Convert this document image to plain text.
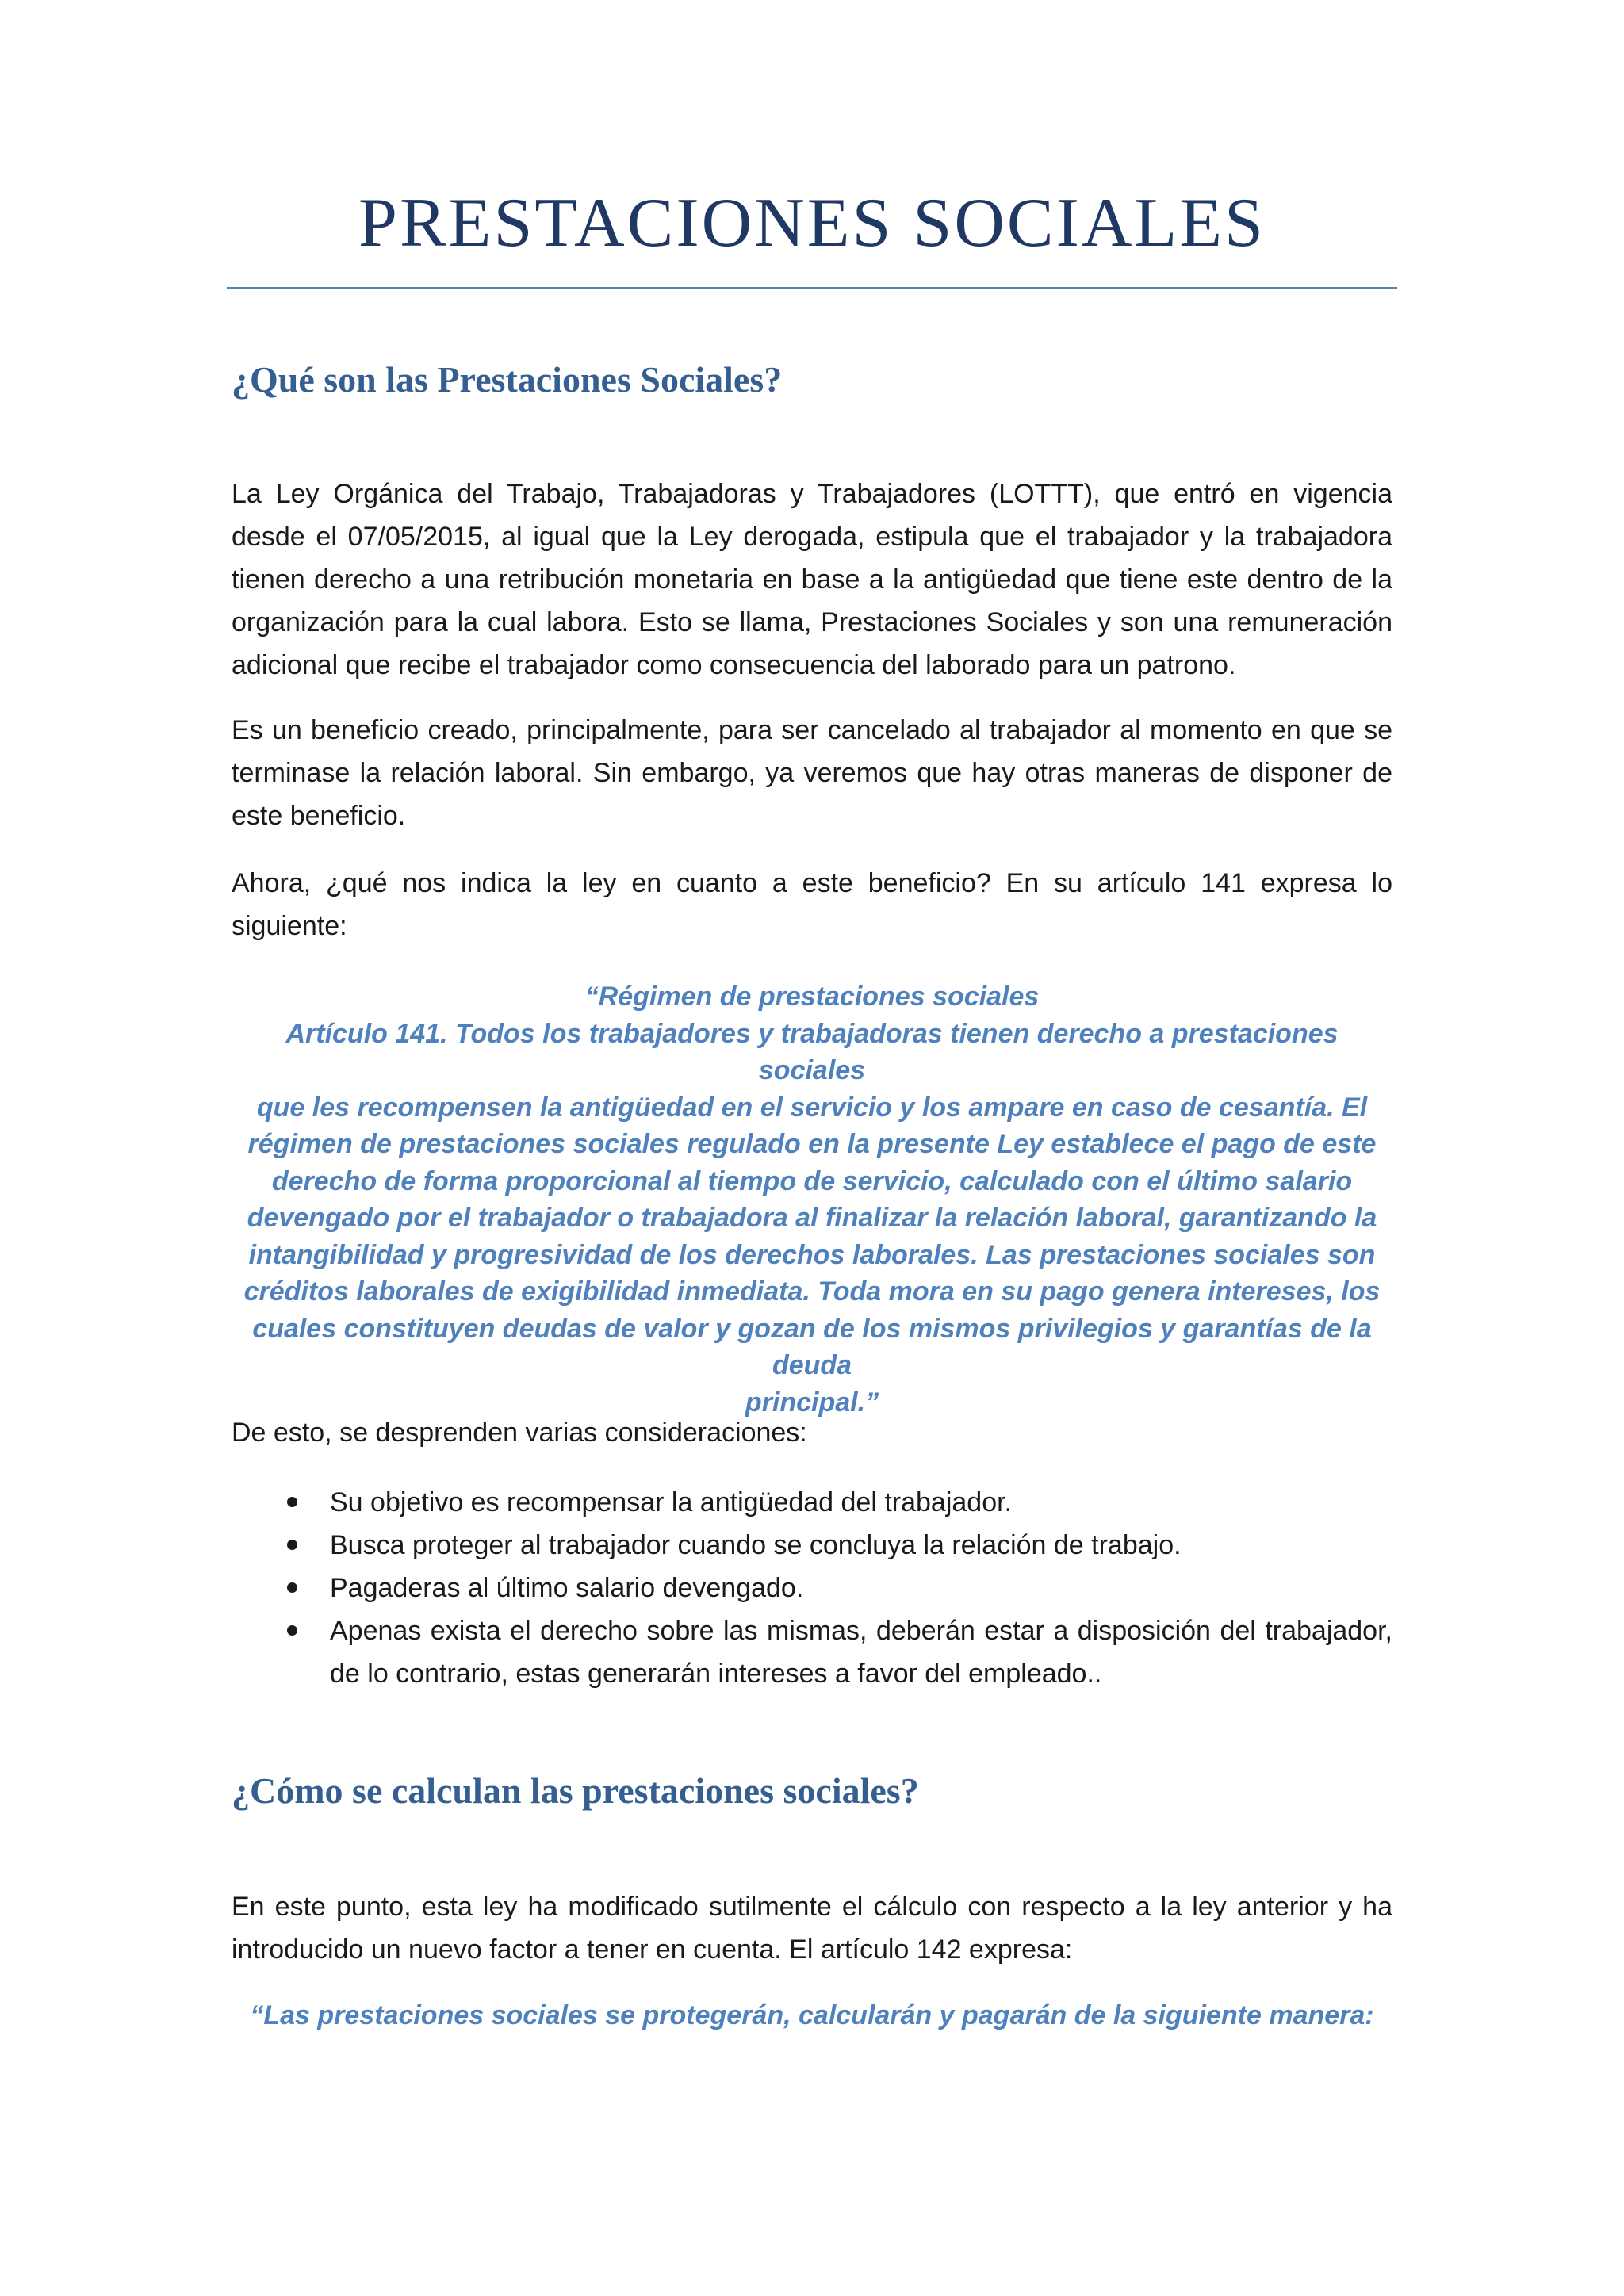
PRESTACIONES SOCIALES
¿Qué son las Prestaciones Sociales?

La Ley Orgánica del Trabajo, Trabajadoras y Trabajadores (LOTTT), que entró en vigencia desde el 07/05/2015, al igual que la Ley derogada, estipula que el trabajador y la trabajadora tienen derecho a una retribución monetaria en base a la antigüedad que tiene este dentro de la organización para la cual labora. Esto se llama, Prestaciones Sociales y son una remuneración adicional que recibe el trabajador como consecuencia del laborado para un patrono.

Es un beneficio creado, principalmente, para ser cancelado al trabajador al momento en que se terminase la relación laboral. Sin embargo, ya veremos que hay otras maneras de disponer de este beneficio.

Ahora, ¿qué nos indica la ley en cuanto a este beneficio? En su artículo 141 expresa lo siguiente:

“Régimen de prestaciones sociales
Artículo 141. Todos los trabajadores y trabajadoras tienen derecho a prestaciones sociales
que les recompensen la antigüedad en el servicio y los ampare en caso de cesantía. El
régimen de prestaciones sociales regulado en la presente Ley establece el pago de este
derecho de forma proporcional al tiempo de servicio, calculado con el último salario
devengado por el trabajador o trabajadora al finalizar la relación laboral, garantizando la
intangibilidad y progresividad de los derechos laborales. Las prestaciones sociales son
créditos laborales de exigibilidad inmediata. Toda mora en su pago genera intereses, los
cuales constituyen deudas de valor y gozan de los mismos privilegios y garantías de la deuda
principal.”

De esto, se desprenden varias consideraciones:

Su objetivo es recompensar la antigüedad del trabajador.
Busca proteger al trabajador cuando se concluya la relación de trabajo.
Pagaderas al último salario devengado.
Apenas exista el derecho sobre las mismas, deberán estar a disposición del trabajador, de lo contrario, estas generarán intereses a favor del empleado..
¿Cómo se calculan las prestaciones sociales?

En este punto, esta ley ha modificado sutilmente el cálculo con respecto a la ley anterior y ha introducido un nuevo factor a tener en cuenta. El artículo 142 expresa:

“Las prestaciones sociales se protegerán, calcularán y pagarán de la siguiente manera:
